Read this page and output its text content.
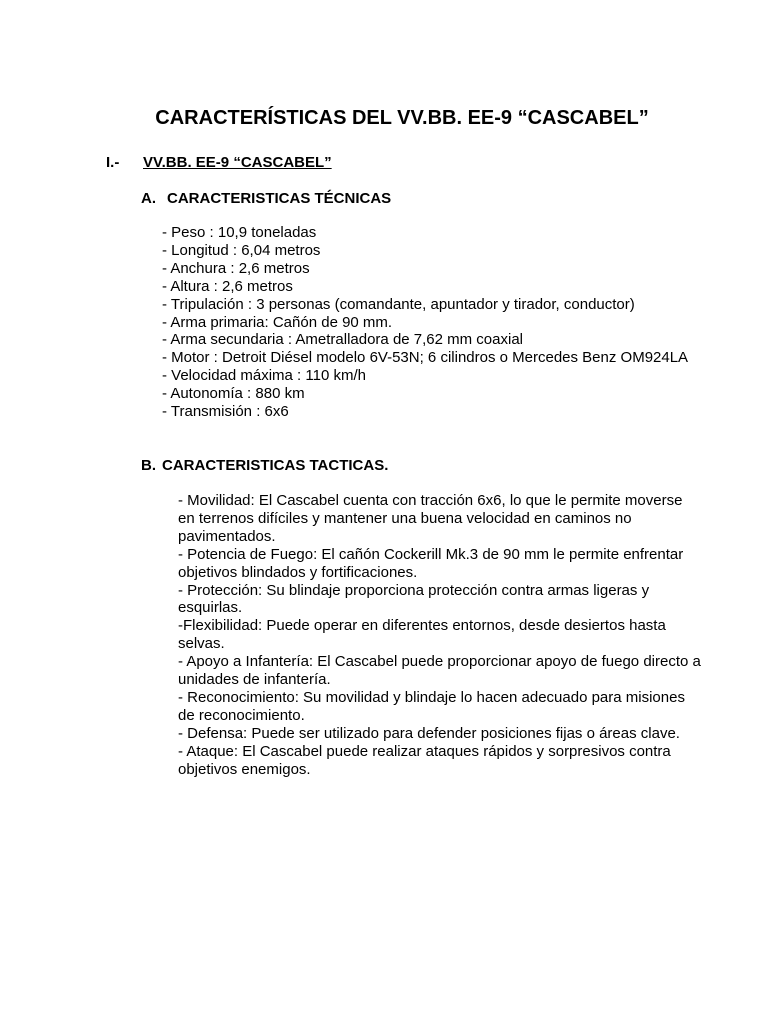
CARACTERÍSTICAS DEL VV.BB. EE-9 “CASCABEL”
I.- VV.BB. EE-9 “CASCABEL”
A. CARACTERISTICAS TÉCNICAS
- Peso : 10,9 toneladas
- Longitud : 6,04 metros
- Anchura : 2,6 metros
- Altura : 2,6 metros
- Tripulación : 3 personas (comandante, apuntador y tirador, conductor)
- Arma primaria: Cañón de 90 mm.
- Arma secundaria : Ametralladora de 7,62 mm coaxial
- Motor : Detroit Diésel modelo 6V-53N; 6 cilindros o Mercedes Benz OM924LA
- Velocidad máxima : 110 km/h
- Autonomía : 880 km
- Transmisión : 6x6
B. CARACTERISTICAS TACTICAS.

- Movilidad: El Cascabel cuenta con tracción 6x6, lo que le permite moverse en terrenos difíciles y mantener una buena velocidad en caminos no pavimentados.

- Potencia de Fuego: El cañón Cockerill Mk.3 de 90 mm le permite enfrentar objetivos blindados y fortificaciones.

- Protección: Su blindaje proporciona protección contra armas ligeras y esquirlas.

-Flexibilidad: Puede operar en diferentes entornos, desde desiertos hasta selvas.

- Apoyo a Infantería: El Cascabel puede proporcionar apoyo de fuego directo a unidades de infantería.

- Reconocimiento: Su movilidad y blindaje lo hacen adecuado para misiones de reconocimiento.

- Defensa: Puede ser utilizado para defender posiciones fijas o áreas clave.

- Ataque: El Cascabel puede realizar ataques rápidos y sorpresivos contra objetivos enemigos.
